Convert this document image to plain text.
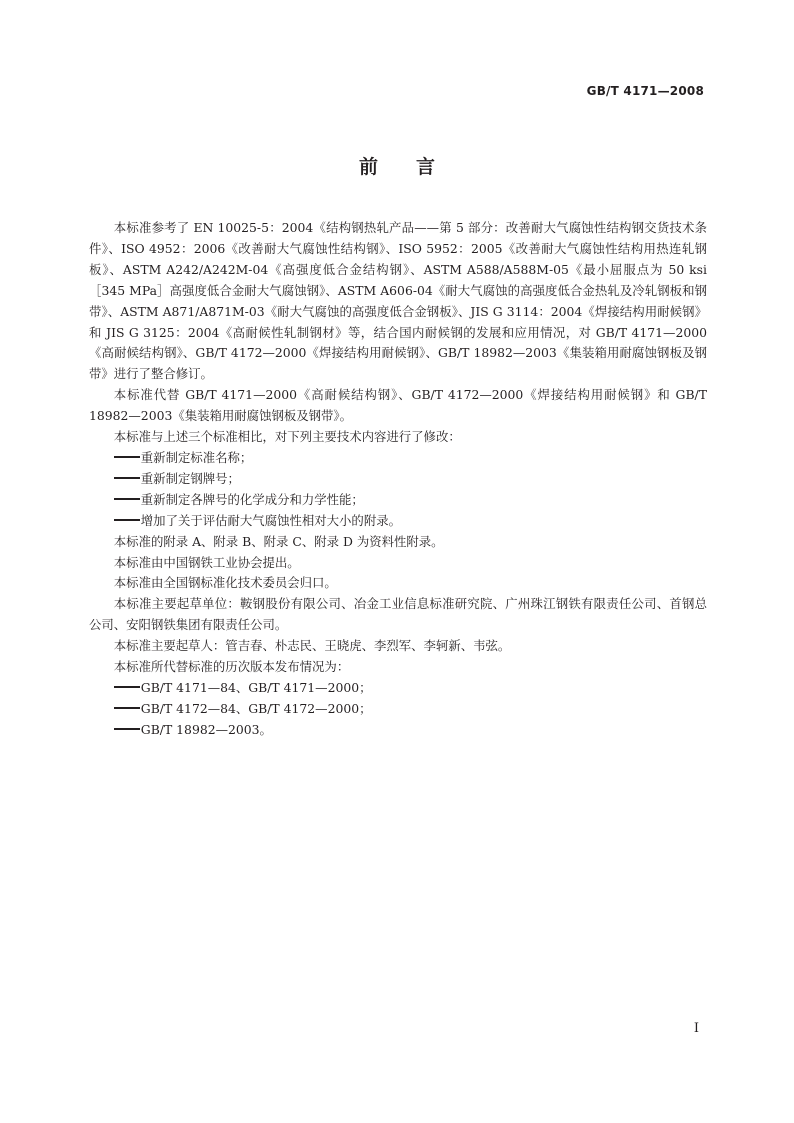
GB/T 4171—2008
前言

本标准参考了 EN 10025-5：2004《结构钢热轧产品——第 5 部分：改善耐大气腐蚀性结构钢交货技术条件》、ISO 4952：2006《改善耐大气腐蚀性结构钢》、ISO 5952：2005《改善耐大气腐蚀性结构用热连轧钢板》、ASTM A242/A242M-04《高强度低合金结构钢》、ASTM A588/A588M-05《最小屈服点为 50 ksi［345 MPa］高强度低合金耐大气腐蚀钢》、ASTM A606-04《耐大气腐蚀的高强度低合金热轧及冷轧钢板和钢带》、ASTM A871/A871M-03《耐大气腐蚀的高强度低合金钢板》、JIS G 3114：2004《焊接结构用耐候钢》和 JIS G 3125：2004《高耐候性轧制钢材》等，结合国内耐候钢的发展和应用情况，对 GB/T 4171—2000《高耐候结构钢》、GB/T 4172—2000《焊接结构用耐候钢》、GB/T 18982—2003《集装箱用耐腐蚀钢板及钢带》进行了整合修订。

本标准代替 GB/T 4171—2000《高耐候结构钢》、GB/T 4172—2000《焊接结构用耐候钢》和 GB/T 18982—2003《集装箱用耐腐蚀钢板及钢带》。

本标准与上述三个标准相比，对下列主要技术内容进行了修改：

重新制定标准名称；

重新制定钢牌号；

重新制定各牌号的化学成分和力学性能；

增加了关于评估耐大气腐蚀性相对大小的附录。

本标准的附录 A、附录 B、附录 C、附录 D 为资料性附录。

本标准由中国钢铁工业协会提出。

本标准由全国钢标准化技术委员会归口。

本标准主要起草单位：鞍钢股份有限公司、冶金工业信息标准研究院、广州珠江钢铁有限责任公司、首钢总公司、安阳钢铁集团有限责任公司。

本标准主要起草人：管吉春、朴志民、王晓虎、李烈军、李轲新、韦弦。

本标准所代替标准的历次版本发布情况为：

GB/T 4171—84、GB/T 4171—2000；

GB/T 4172—84、GB/T 4172—2000；

GB/T 18982—2003。

I
